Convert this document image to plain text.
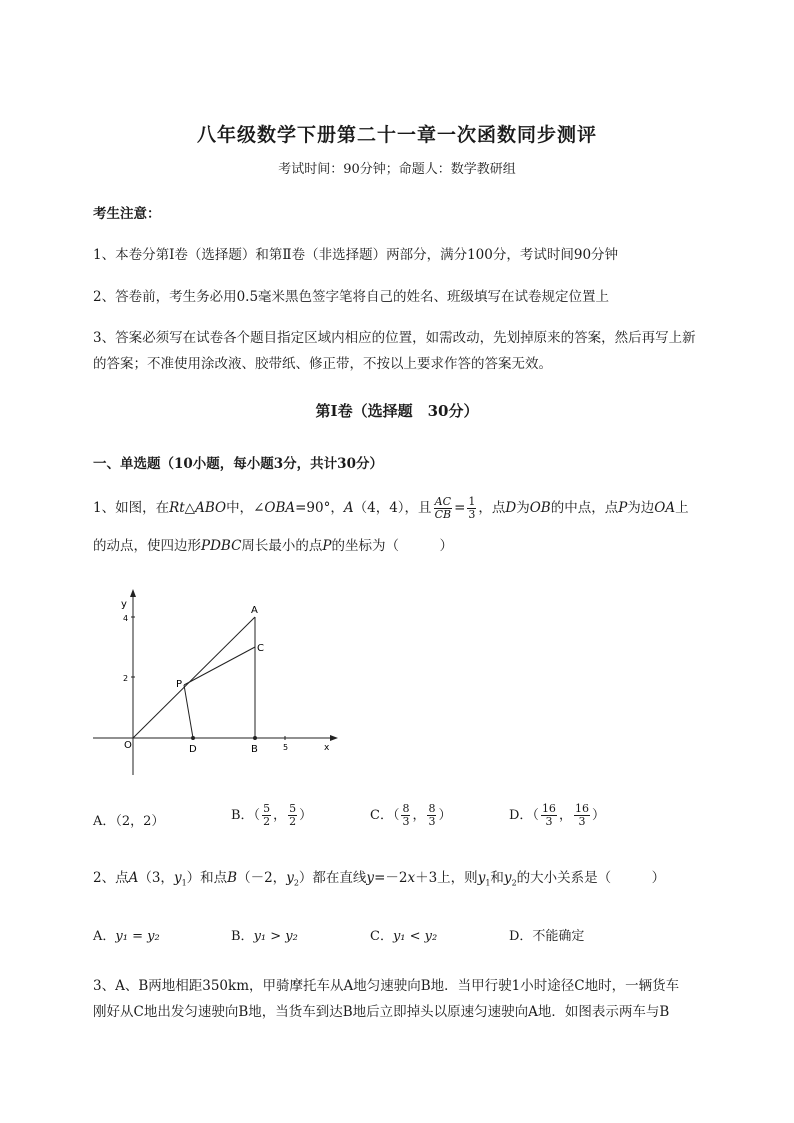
八年级数学下册第二十一章一次函数同步测评
考试时间：90分钟；命题人：数学教研组
考生注意：
1、本卷分第I卷（选择题）和第Ⅱ卷（非选择题）两部分，满分100分，考试时间90分钟
2、答卷前，考生务必用0.5毫米黑色签字笔将自己的姓名、班级填写在试卷规定位置上
3、答案必须写在试卷各个题目指定区域内相应的位置，如需改动，先划掉原来的答案，然后再写上新
的答案；不准使用涂改液、胶带纸、修正带，不按以上要求作答的答案无效。
第I卷（选择题　30分）
一、单选题（10小题，每小题3分，共计30分）
1、如图，在Rt△ABO中，∠OBA=90°，A（4，4），且 $\frac{AC}{CB} = \frac{1}{3}$ ，点D为OB的中点，点P为边OA上
的动点，使四边形PDBC周长最小的点P的坐标为（　　　）
y
x
O
A
B
C
D
P
4
2
5
A．（2，2）	B．（ $\frac{5}{2}$ ， $\frac{5}{2}$ ）	C．（ $\frac{8}{3}$ ， $\frac{8}{3}$ ）	D．（ $\frac{16}{3}$ ， $\frac{16}{3}$ ）
2、点A（3，$y_1$）和点B（－2，$y_2$）都在直线y=－2x＋3上，则$y_1$和$y_2$的大小关系是（　　　）
A．y₁ = y₂	B．y₁ > y₂	C．y₁ < y₂	D．不能确定
3、A、B两地相距350km，甲骑摩托车从A地匀速驶向B地．当甲行驶1小时途径C地时，一辆货车
刚好从C地出发匀速驶向B地，当货车到达B地后立即掉头以原速匀速驶向A地．如图表示两车与B
